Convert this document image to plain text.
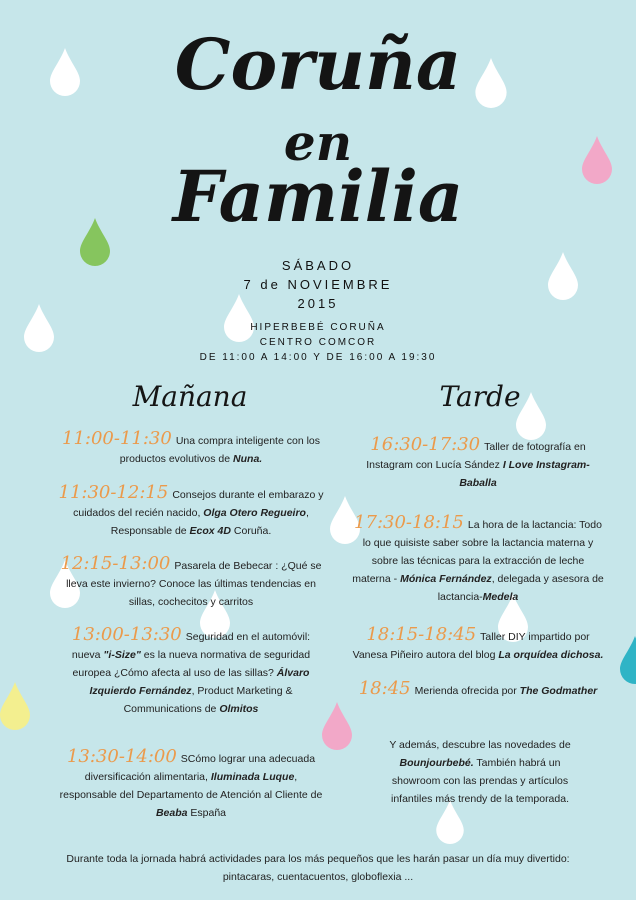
Coruña
en
Familia
SÁBADO
7 de NOVIEMBRE
2015
HIPERBEBÉ CORUÑA
CENTRO COMCOR
DE 11:00 A 14:00 Y DE 16:00 A 19:30
Mañana	Tarde
11:00-11:30 Una compra inteligente con los productos evolutivos de Nuna.
11:30-12:15 Consejos durante el embarazo y cuidados del recién nacido, Olga Otero Regueiro, Responsable de Ecox 4D Coruña.
12:15-13:00 Pasarela de Bebecar : ¿Qué se lleva este invierno? Conoce las últimas tendencias en sillas, cochecitos y carritos
13:00-13:30 Seguridad en el automóvil: nueva "i-Size" es la nueva normativa de seguridad europea ¿Cómo afecta al uso de las sillas? Álvaro Izquierdo Fernández, Product Marketing & Communications de Olmitos
13:30-14:00 SCómo lograr una adecuada diversificación alimentaria, Iluminada Luque, responsable del Departamento de Atención al Cliente de Beaba España
16:30-17:30 Taller de fotografía en Instagram con Lucía Sández I Love Instagram-Baballa
17:30-18:15 La hora de la lactancia: Todo lo que quisiste saber sobre la lactancia materna y sobre las técnicas para la extracción de leche materna - Mónica Fernández, delegada y asesora de lactancia-Medela
18:15-18:45 Taller DIY impartido por Vanesa Piñeiro autora del blog La orquídea dichosa.
18:45 Merienda ofrecida por The Godmather
Y además, descubre las novedades de Bounjourbebé. También habrá un showroom con las prendas y artículos infantiles más trendy de la temporada.
Durante toda la jornada habrá actividades para los más pequeños que les harán pasar un día muy divertido: pintacaras, cuentacuentos, globoflexia ...
